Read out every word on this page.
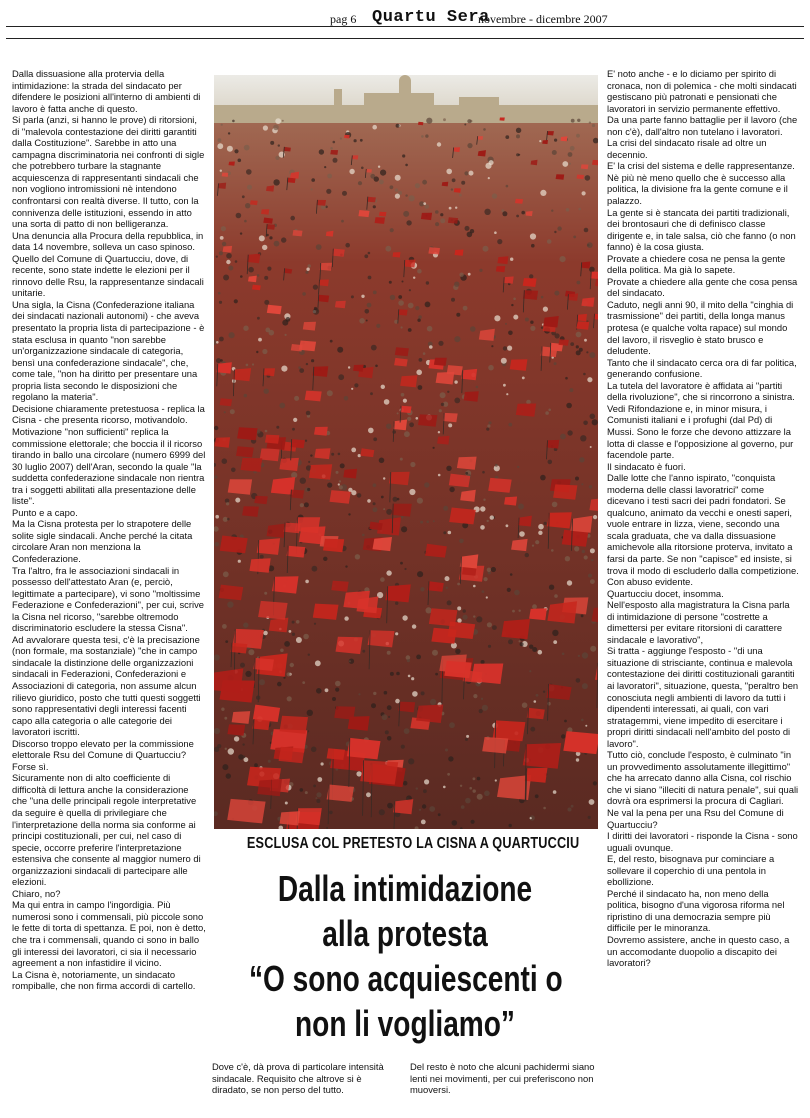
pag 6 Quartu Sera
novembre - dicembre 2007

Dalla dissuasione alla protervia della intimidazione: la strada del sindacato per difendere le posizioni all'interno di ambienti di lavoro è fatta anche di questo.

Si parla (anzi, si hanno le prove) di ritorsioni, di "malevola contestazione dei diritti garantiti dalla Costituzione". Sarebbe in atto una campagna discriminatoria nei confronti di sigle che potrebbero turbare la stagnante acquiescenza di rappresentanti sindacali che non vogliono intromissioni nè intendono confrontarsi con realtà diverse. Il tutto, con la connivenza delle istituzioni, essendo in atto una sorta di patto di non belligeranza.

Una denuncia alla Procura della repubblica, in data 14 novembre, solleva un caso spinoso.

Quello del Comune di Quartucciu, dove, di recente, sono state indette le elezioni per il rinnovo delle Rsu, la rappresentanze sindacali unitarie.

Una sigla, la Cisna (Confederazione italiana dei sindacati nazionali autonomi) - che aveva presentato la propria lista di partecipazione - è stata esclusa in quanto "non sarebbe un'organizzazione sindacale di categoria, bensì una confederazione sindacale", che, come tale, "non ha diritto per presentare una propria lista secondo le disposizioni che regolano la materia".

Decisione chiaramente pretestuosa - replica la Cisna - che presenta ricorso, motivandolo. Motivazione "non sufficienti" replica la commissione elettorale; che boccia il il ricorso tirando in ballo una circolare (numero 6999 del 30 luglio 2007) dell'Aran, secondo la quale "la suddetta confederazione sindacale non rientra tra i soggetti abilitati alla presentazione delle liste".

Punto e a capo.

Ma la Cisna protesta per lo strapotere delle solite sigle sindacali. Anche perché la citata circolare Aran non menziona la Confederazione.

Tra l'altro, fra le associazioni sindacali in possesso dell'attestato Aran (e, perciò, legittimate a partecipare), vi sono "moltissime Federazione e Confederazioni", per cui, scrive la Cisna nel ricorso, "sarebbe oltremodo discriminatorio escludere la stessa Cisna".

Ad avvalorare questa tesi, c'è la precisazione (non formale, ma sostanziale) "che in campo sindacale la distinzione delle organizzazioni sindacali in Federazioni, Confederazioni e Associazioni di categoria, non assume alcun rilievo giuridico, posto che tutti questi soggetti sono rappresentativi degli interessi facenti capo alla categoria o alle categorie dei lavoratori iscritti.

Discorso troppo elevato per la commissione elettorale Rsu del Comune di Quartucciu?

Forse sì.

Sicuramente non di alto coefficiente di difficoltà di lettura anche la considerazione che "una delle principali regole interpretative da seguire è quella di privilegiare che l'interpretazione della norma sia conforme ai principi costituzionali, per cui, nel caso di specie, occorre preferire l'interpretazione estensiva che consente al maggior numero di organizzazioni sindacali di partecipare alle elezioni.

Chiaro, no?

Ma qui entra in campo l'ingordigia. Più numerosi sono i commensali, più piccole sono le fette di torta di spettanza. E poi, non è detto, che tra i commensali, quando ci sono in ballo gli interessi dei lavoratori, ci sia il necessario agreement a non infastidire il vicino.

La Cisna è, notoriamente, un sindacato rompiballe, che non firma accordi di cartello.

ESCLUSA COL PRETESTO LA CISNA A QUARTUCCIU
Dalla intimidazione
alla protesta
“O sono acquiescenti o
non li vogliamo”

Dove c'è, dà prova di particolare intensità sindacale. Requisito che altrove si è diradato, se non perso del tutto.

Del resto è noto che alcuni pachidermi siano lenti nei movimenti, per cui preferiscono non muoversi.

E' noto anche - e lo diciamo per spirito di cronaca, non di polemica - che molti sindacati gestiscano più patronati e pensionati che lavoratori in servizio permanente effettivo.

Da una parte fanno battaglie per il lavoro (che non c'è), dall'altro non tutelano i lavoratori.

La crisi del sindacato risale ad oltre un decennio.

E' la crisi del sistema e delle rappresentanze.

Nè più nè meno quello che è successo alla politica, la divisione fra la gente comune e il palazzo.

La gente si è stancata dei partiti tradizionali, dei brontosauri che di definisco classe dirigente e, in tale salsa, ciò che fanno (o non fanno) è la cosa giusta.

Provate a chiedere cosa ne pensa la gente della politica. Ma già lo sapete.

Provate a chiedere alla gente che cosa pensa del sindacato.

Caduto, negli anni 90, il mito della "cinghia di trasmissione" dei partiti, della longa manus protesa (e qualche volta rapace) sul mondo del lavoro, il risveglio è stato brusco e deludente.

Tanto che il sindacato cerca ora di far politica, generando confusione.

La tutela del lavoratore è affidata ai "partiti della rivoluzione", che si rincorrono a sinistra.

Vedi Rifondazione e, in minor misura, i Comunisti italiani e i profughi (dal Pd) di Mussi. Sono le forze che devono attizzare la lotta di classe e l'opposizione al governo, pur facendole parte.

Il sindacato è fuori.

Dalle lotte che l'anno ispirato, "conquista moderna delle classi lavoratrici" come dicevano i testi sacri dei padri fondatori. Se qualcuno, animato da vecchi e onesti saperi, vuole entrare in lizza, viene, secondo una scala graduata, che va dalla dissuasione amichevole alla ritorsione proterva, invitato a farsi da parte. Se non "capisce" ed insiste, si trova il modo di escluderlo dalla competizione. Con abuso evidente.

Quartucciu docet, insomma.

Nell'esposto alla magistratura la Cisna parla di intimidazione di persone "costrette a dimettersi per evitare ritorsioni di carattere sindacale e lavorativo",

Si tratta - aggiunge l'esposto - "di una situazione di strisciante, continua e malevola contestazione dei diritti costituzionali garantiti ai lavoratori", situazione, questa, "peraltro ben conosciuta negli ambienti di lavoro da tutti i dipendenti interessati, ai quali, con vari stratagemmi, viene impedito di esercitare i propri diritti sindacali nell'ambito del posto di lavoro".

Tutto ciò, conclude l'esposto, è culminato "in un provvedimento assolutamente illegittimo" che ha arrecato danno alla Cisna, col rischio che vi siano "illeciti di natura penale", sui quali dovrà ora esprimersi la procura di Cagliari.

Ne val la pena per una Rsu del Comune di Quartucciu?

I diritti dei lavoratori - risponde la Cisna - sono uguali ovunque.

E, del resto, bisognava pur cominciare a sollevare il coperchio di una pentola in ebollizione.

Perché il sindacato ha, non meno della politica, bisogno d'una vigorosa riforma nel ripristino di una democrazia sempre più difficile per le minoranza.

Dovremo assistere, anche in questo caso, a un accomodante duopolio a discapito dei lavoratori?
